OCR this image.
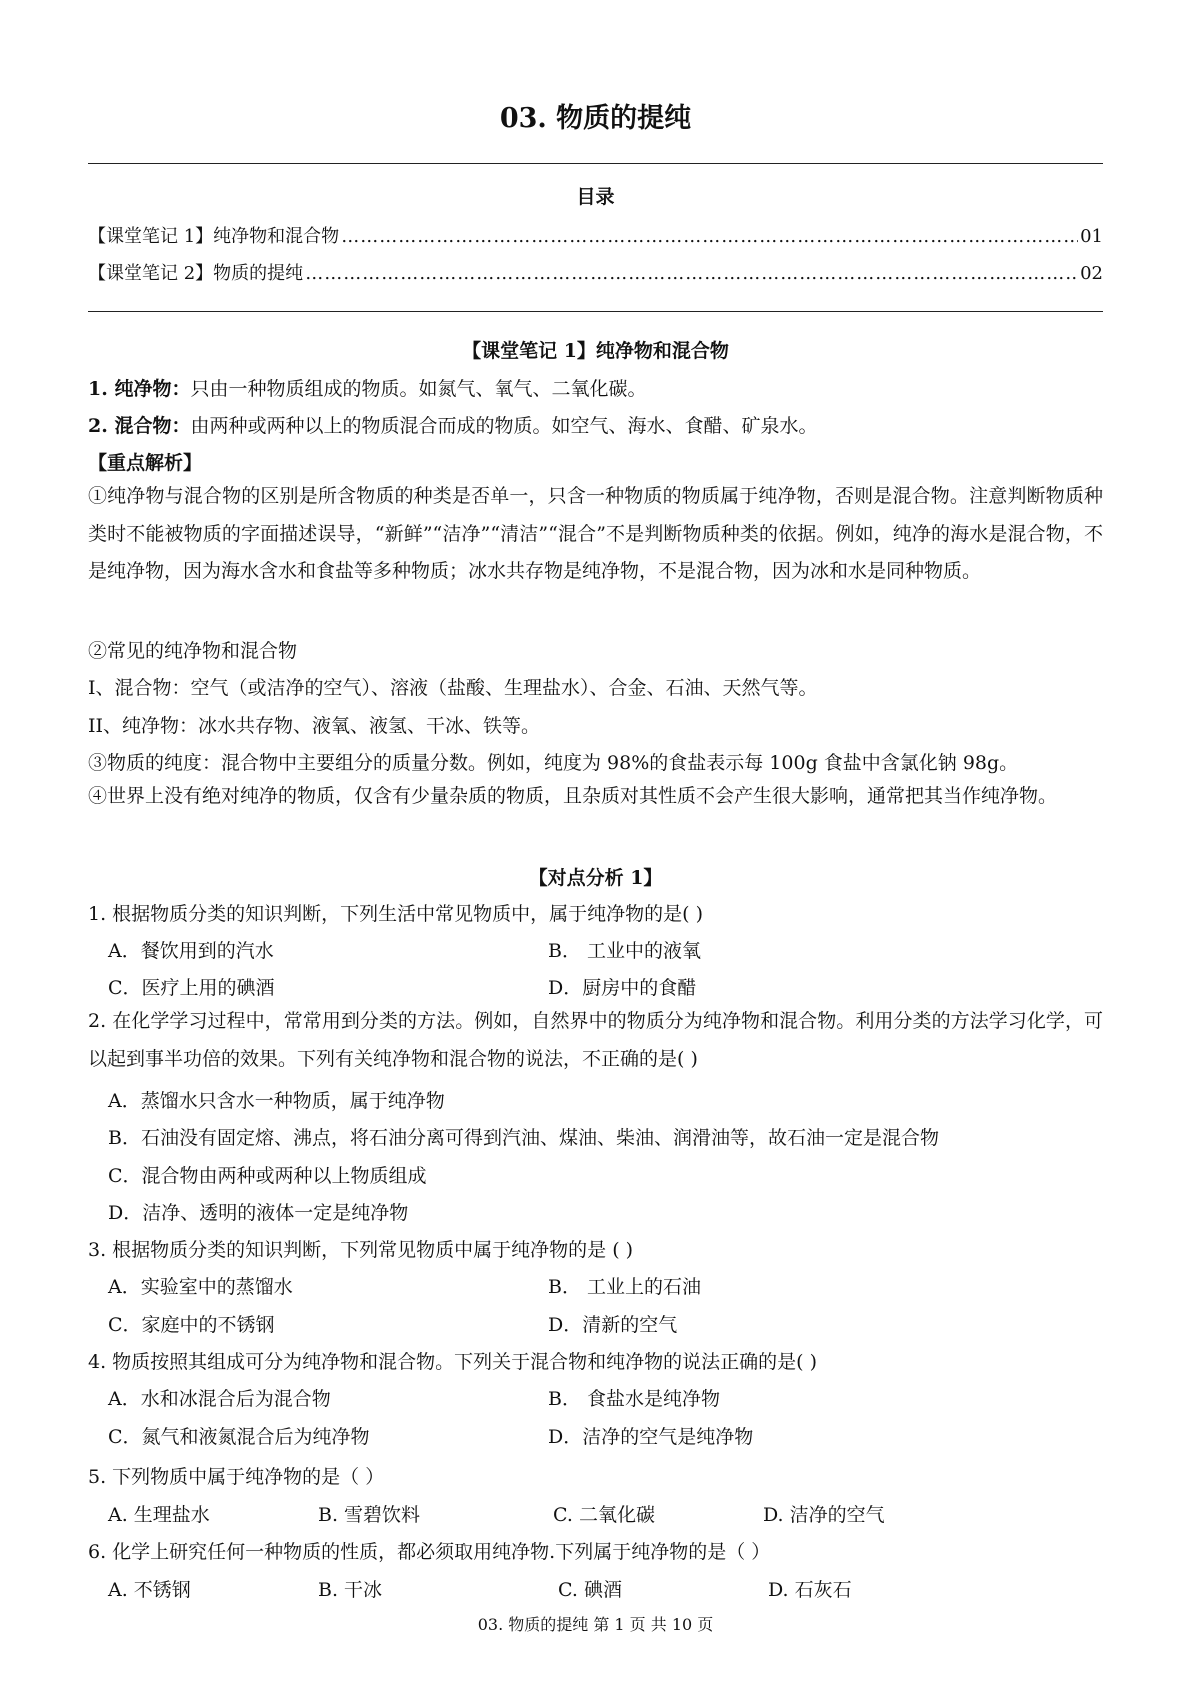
03. 物质的提纯
目录
【课堂笔记 1】纯净物和混合物 …………………………………………………………………………………………………………………………………………………………………………	01
【课堂笔记 2】物质的提纯 …………………………………………………………………………………………………………………………………………………………………………	02
【课堂笔记 1】纯净物和混合物
1. 纯净物：只由一种物质组成的物质。如氮气、氧气、二氧化碳。
2. 混合物：由两种或两种以上的物质混合而成的物质。如空气、海水、食醋、矿泉水。
【重点解析】
①纯净物与混合物的区别是所含物质的种类是否单一，只含一种物质的物质属于纯净物，否则是混合物。注意判断物质种类时不能被物质的字面描述误导，“新鲜”“洁净”“清洁”“混合”不是判断物质种类的依据。例如，纯净的海水是混合物，不是纯净物，因为海水含水和食盐等多种物质；冰水共存物是纯净物，不是混合物，因为冰和水是同种物质。
②常见的纯净物和混合物
I、混合物：空气（或洁净的空气）、溶液（盐酸、生理盐水）、合金、石油、天然气等。
II、纯净物：冰水共存物、液氧、液氢、干冰、铁等。
③物质的纯度：混合物中主要组分的质量分数。例如，纯度为 98%的食盐表示每 100g 食盐中含氯化钠 98g。
④世界上没有绝对纯净的物质，仅含有少量杂质的物质，且杂质对其性质不会产生很大影响，通常把其当作纯净物。
【对点分析 1】
1. 根据物质分类的知识判断，下列生活中常见物质中，属于纯净物的是( )
A．餐饮用到的汽水	B． 工业中的液氧
C．医疗上用的碘酒	D．厨房中的食醋
2. 在化学学习过程中，常常用到分类的方法。例如，自然界中的物质分为纯净物和混合物。利用分类的方法学习化学，可以起到事半功倍的效果。下列有关纯净物和混合物的说法，不正确的是( )
A．蒸馏水只含水一种物质，属于纯净物
B．石油没有固定熔、沸点，将石油分离可得到汽油、煤油、柴油、润滑油等，故石油一定是混合物
C．混合物由两种或两种以上物质组成
D．洁净、透明的液体一定是纯净物
3. 根据物质分类的知识判断，下列常见物质中属于纯净物的是 ( )
A．实验室中的蒸馏水	B． 工业上的石油
C．家庭中的不锈钢	D．清新的空气
4. 物质按照其组成可分为纯净物和混合物。下列关于混合物和纯净物的说法正确的是( )
A．水和冰混合后为混合物	B． 食盐水是纯净物
C．氮气和液氮混合后为纯净物	D．洁净的空气是纯净物
5. 下列物质中属于纯净物的是（ ）
A. 生理盐水	B. 雪碧饮料	C. 二氧化碳	D. 洁净的空气
6. 化学上研究任何一种物质的性质，都必须取用纯净物.下列属于纯净物的是（ ）
A. 不锈钢	B. 干冰	C. 碘酒	D. 石灰石
03. 物质的提纯 第 1 页 共 10 页
